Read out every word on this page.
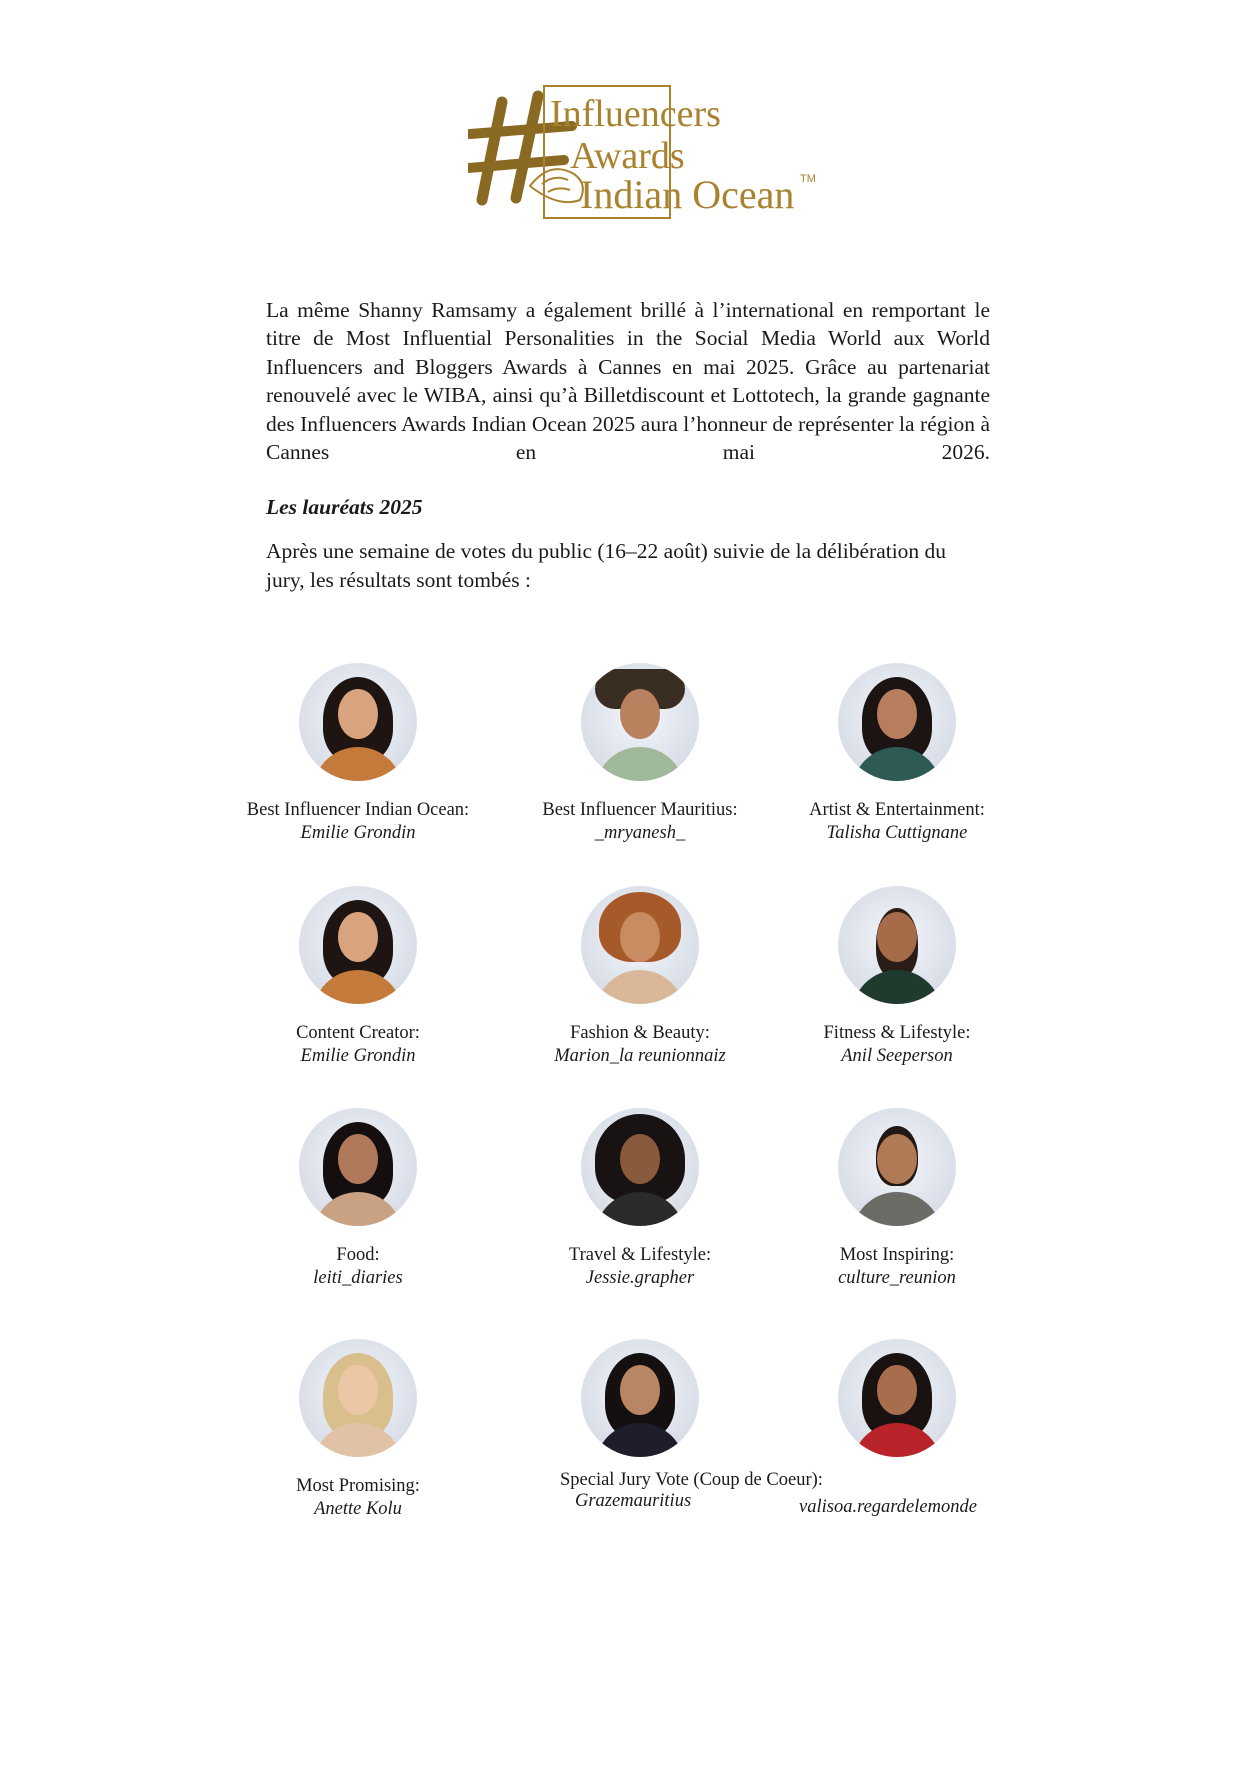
Influencers
Awards
Indian Ocean TM

La même Shanny Ramsamy a également brillé à l’international en remportant le titre de Most Influential Personalities in the Social Media World aux World Influencers and Bloggers Awards à Cannes en mai 2025. Grâce au partenariat renouvelé avec le WIBA, ainsi qu’à Billetdiscount et Lottotech, la grande gagnante des Influencers Awards Indian Ocean 2025 aura l’honneur de représenter la région à Cannes en mai 2026.

Les lauréats 2025

Après une semaine de votes du public (16–22 août) suivie de la délibération du jury, les résultats sont tombés :

Best Influencer Indian Ocean:
Emilie Grondin
Best Influencer Mauritius:
_mryanesh_
Artist & Entertainment:
Talisha Cuttignane
Content Creator:
Emilie Grondin
Fashion & Beauty:
Marion_la reunionnaiz
Fitness & Lifestyle:
Anil Seeperson
Food:
leiti_diaries
Travel & Lifestyle:
Jessie.grapher
Most Inspiring:
culture_reunion
Most Promising:
Anette Kolu
Special Jury Vote (Coup de Coeur):
Grazemauritius	valisoa.regardelemonde
